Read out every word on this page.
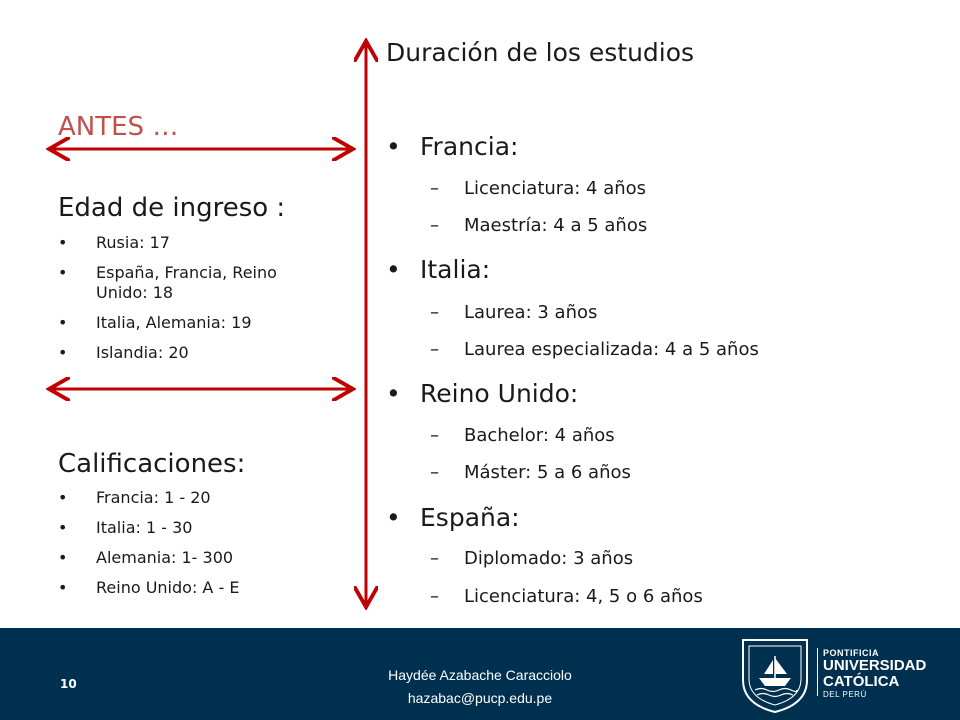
ANTES …
Edad de ingreso :
• Rusia: 17
• España, Francia, Reino
Unido: 18
• Italia, Alemania: 19
• Islandia: 20
Calificaciones:
• Francia: 1 - 20
• Italia: 1 - 30
• Alemania: 1- 300
• Reino Unido: A - E
Duración de los estudios
• Francia:
– Licenciatura: 4 años
– Maestría: 4 a 5 años
• Italia:
– Laurea: 3 años
– Laurea especializada: 4 a 5 años
• Reino Unido:
– Bachelor: 4 años
– Máster: 5 a 6 años
• España:
– Diplomado: 3 años
– Licenciatura: 4, 5 o 6 años
10
Haydée Azabache Caracciolo
hazabac@pucp.edu.pe
PONTIFICIA
UNIVERSIDAD
CATÓLICA
DEL PERÚ
